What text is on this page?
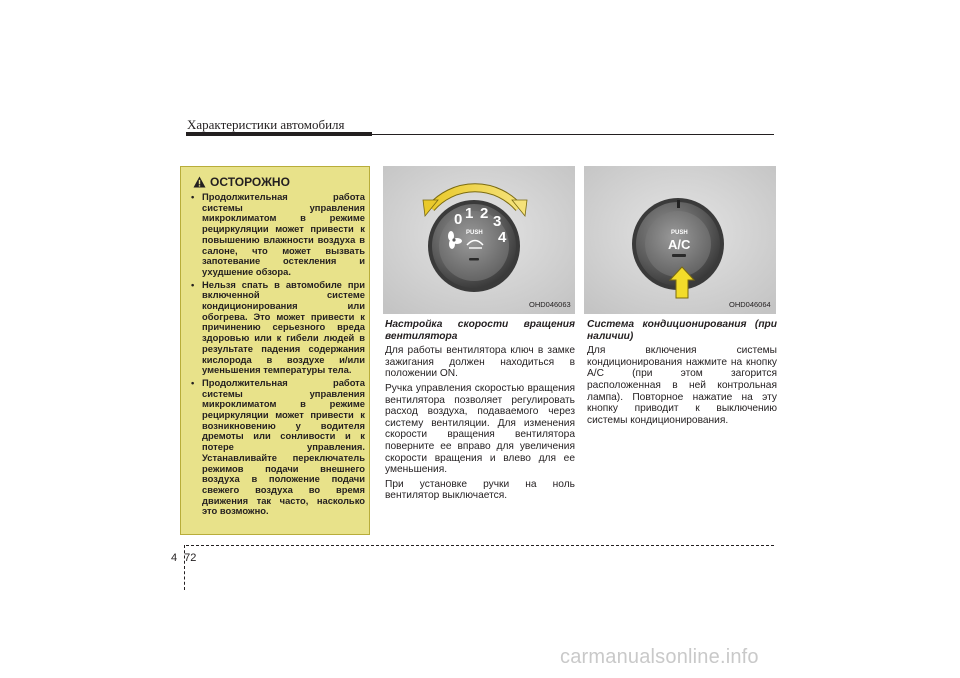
Характеристики автомобиля
ОСТОРОЖНО
• Продолжительная работа системы управления микроклиматом в режиме рециркуляции может привести к повышению влажности воздуха в салоне, что может вызвать запотевание остекления и ухудшение обзора.
• Нельзя спать в автомобиле при включенной системе кондиционирования или обогрева. Это может привести к причинению серьезного вреда здоровью или к гибели людей в результате падения содержания кислорода в воздухе и/или уменьшения температуры тела.
• Продолжительная работа системы управления микроклиматом в режиме рециркуляции может привести к возникновению у водителя дремоты или сонливости и к потере управления. Устанавливайте переключатель режимов подачи внешнего воздуха в положение подачи свежего воздуха во время движения так часто, насколько это возможно.
0 1 2 3
4
PUSH
OHD046063
PUSH
A/C
OHD046064

Настройка скорости вращения вентилятора

Для работы вентилятора ключ в замке зажигания должен находиться в положении ON.

Ручка управления скоростью вращения вентилятора позволяет регулировать расход воздуха, подаваемого через систему вентиляции. Для изменения скорости вращения вентилятора поверните ее вправо для увеличения скорости вращения и влево для ее уменьшения.

При установке ручки на ноль вентилятор выключается.

Система кондиционирования (при наличии)

Для включения системы кондиционирования нажмите на кнопку A/C (при этом загорится расположенная в ней контрольная лампа). Повторное нажатие на эту кнопку приводит к выключению системы кондиционирования.

4 72
carmanualsonline.info
